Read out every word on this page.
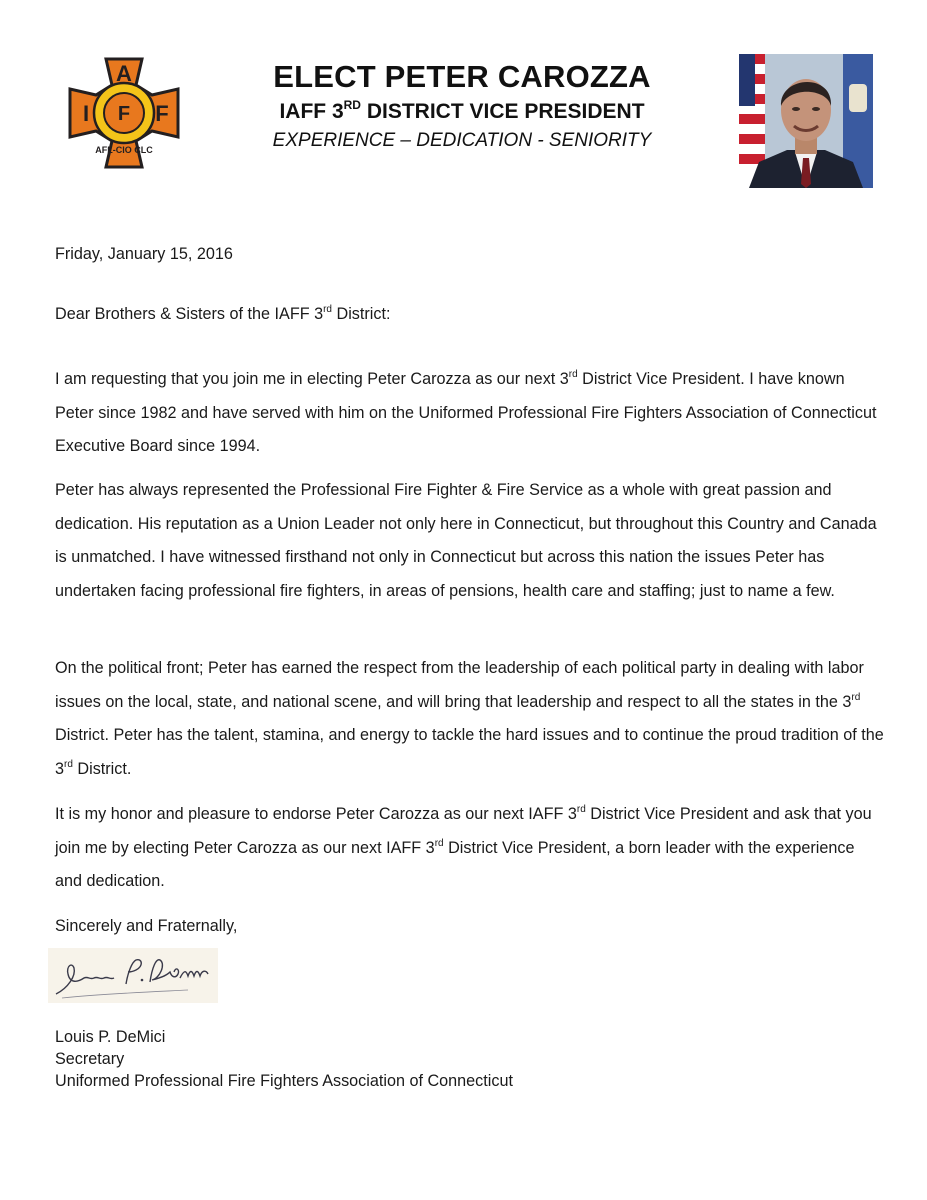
A
I	F
F
AFL-CIO CLC
ELECT PETER CAROZZA
IAFF 3RD DISTRICT VICE PRESIDENT
EXPERIENCE – DEDICATION - SENIORITY
Friday, January 15, 2016
Dear Brothers & Sisters of the IAFF 3rd District:
I am requesting that you join me in electing Peter Carozza as our next 3rd District Vice President. I have known Peter since 1982 and have served with him on the Uniformed Professional Fire Fighters Association of Connecticut Executive Board since 1994.
Peter has always represented the Professional Fire Fighter & Fire Service as a whole with great passion and dedication. His reputation as a Union Leader not only here in Connecticut, but throughout this Country and Canada is unmatched. I have witnessed firsthand not only in Connecticut but across this nation the issues Peter has undertaken facing professional fire fighters, in areas of pensions, health care and staffing; just to name a few.
On the political front; Peter has earned the respect from the leadership of each political party in dealing with labor issues on the local, state, and national scene, and will bring that leadership and respect to all the states in the 3rd District. Peter has the talent, stamina, and energy to tackle the hard issues and to continue the proud tradition of the 3rd District.
It is my honor and pleasure to endorse Peter Carozza as our next IAFF 3rd District Vice President and ask that you join me by electing Peter Carozza as our next IAFF 3rd District Vice President, a born leader with the experience and dedication.
Sincerely and Fraternally,
Louis P. DeMici
Secretary
Uniformed Professional Fire Fighters Association of Connecticut
